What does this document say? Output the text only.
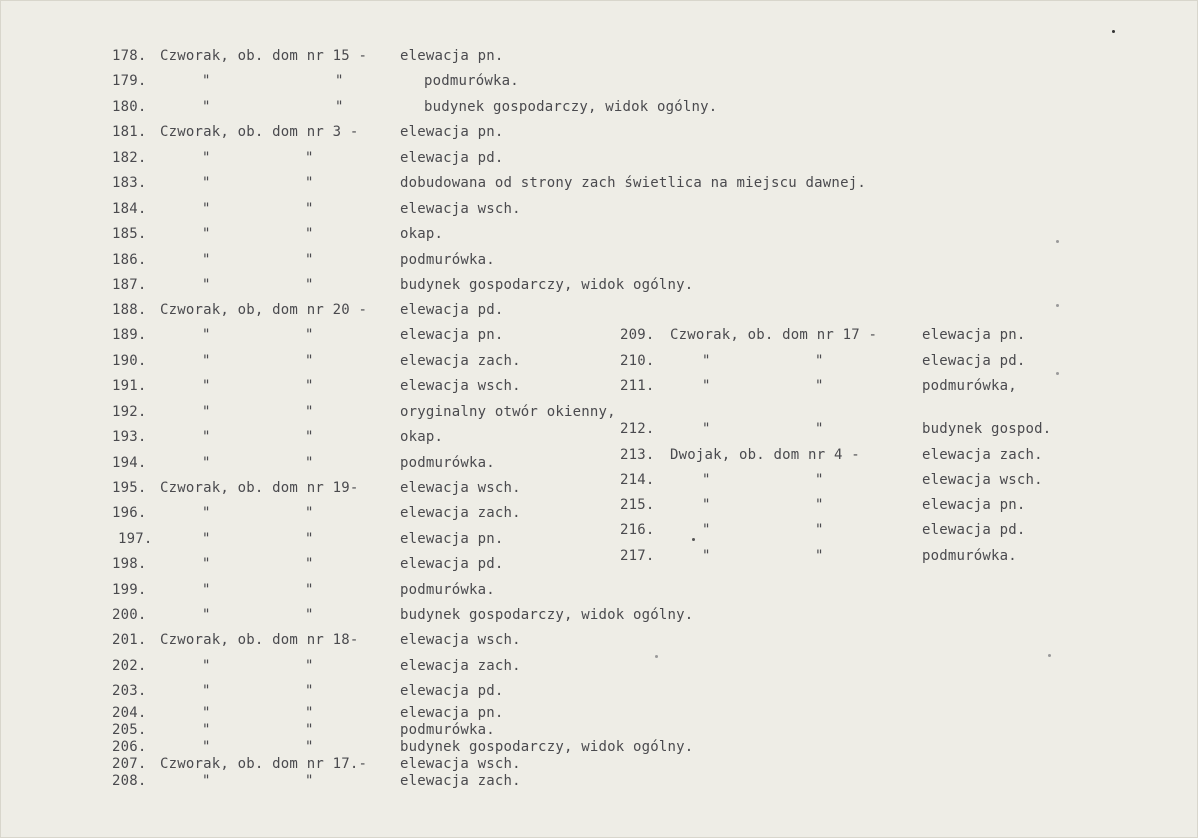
178. Czworak, ob. dom nr 15 - elewacja pn.
179.	"	"	podmurówka.
180.	"	"	budynek gospodarczy, widok ogólny.
181. Czworak, ob. dom nr 3 -	elewacja pn.
182.	"	"	elewacja pd.
183.	"	"	dobudowana od strony zach świetlica na miejscu dawnej.
184.	"	"	elewacja wsch.
185.	"	"	okap.
186.	"	"	podmurówka.
187.	"	"	budynek gospodarczy, widok ogólny.
188. Czworak, ob, dom nr 20 - elewacja pd.
189.	"	"	elewacja pn.
190.	"	"	elewacja zach.
191.	"	"	elewacja wsch.
192.	"	"	oryginalny otwór okienny,
193.	"	"	okap.
194.	"	"	podmurówka.
195. Czworak, ob. dom nr 19-	elewacja wsch.
196.	"	"	elewacja zach.
197.	"	"	elewacja pn.
198.	"	"	elewacja pd.
199.	"	"	podmurówka.
200.	"	"	budynek gospodarczy, widok ogólny.
201. Czworak, ob. dom nr 18-	elewacja wsch.
202.	"	"	elewacja zach.
203.	"	"	elewacja pd.
204.	"	"	elewacja pn.
205.	"	"	podmurówka.
206.	"	"	budynek gospodarczy, widok ogólny.
207. Czworak, ob. dom nr 17.- elewacja wsch.
208.	"	"	elewacja zach.
209. Czworak, ob. dom nr 17 -	elewacja pn.
210.	"	"	elewacja pd.
211.	"	"	podmurówka,
212.	"	"	budynek gospod.
213. Dwojak, ob. dom nr 4 -	elewacja zach.
214.	"	"	elewacja wsch.
215.	"	"	elewacja pn.
216.	"	"	elewacja pd.
217.	"	"	podmurówka.
